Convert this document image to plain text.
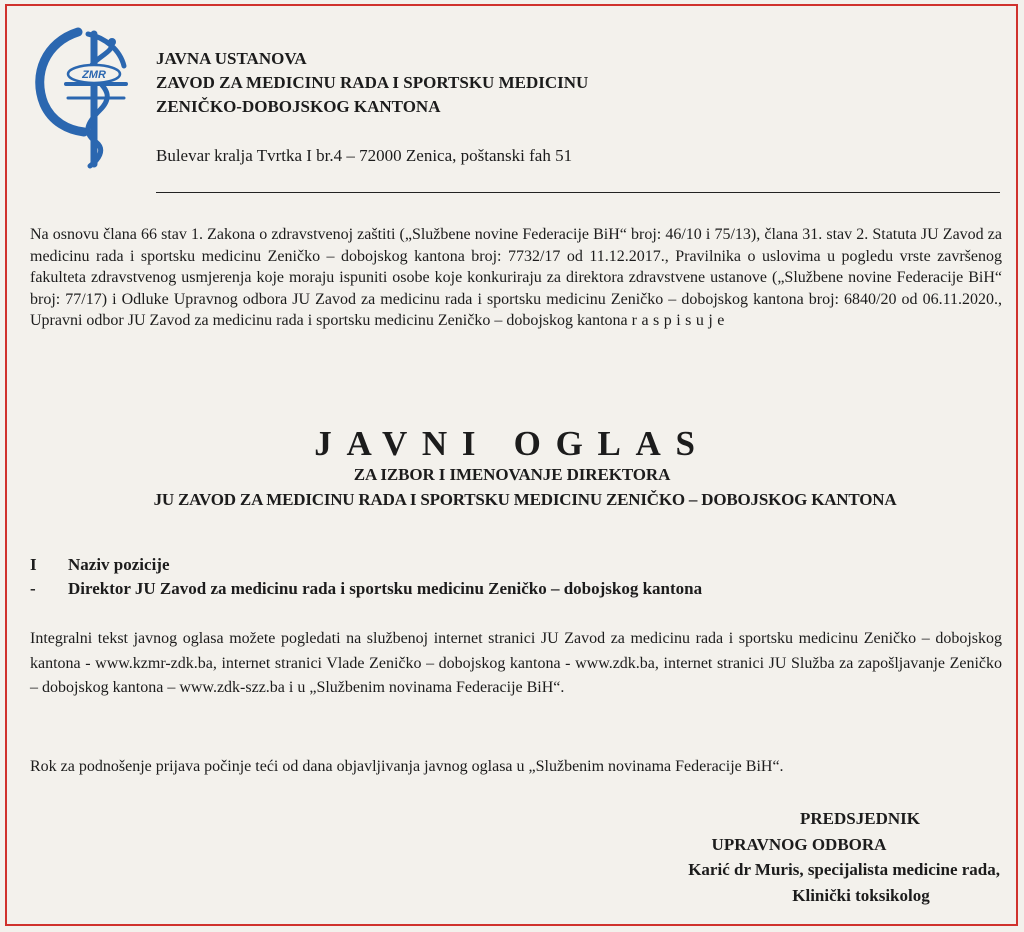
ZMR
JAVNA USTANOVA
ZAVOD ZA MEDICINU RADA I SPORTSKU MEDICINU
ZENIČKO-DOBOJSKOG KANTONA
Bulevar kralja Tvrtka I br.4 – 72000 Zenica, poštanski fah 51

Na osnovu člana 66 stav 1. Zakona o zdravstvenoj zaštiti („Službene novine Federacije BiH“ broj: 46/10 i 75/13), člana 31. stav 2. Statuta JU Zavod za medicinu rada i sportsku medicinu Zeničko – dobojskog kantona broj: 7732/17 od 11.12.2017., Pravilnika o uslovima u pogledu vrste završenog fakulteta zdravstvenog usmjerenja koje moraju ispuniti osobe koje konkuriraju za direktora zdravstvene ustanove („Službene novine Federacije BiH“ broj: 77/17) i Odluke Upravnog odbora JU Zavod za medicinu rada i sportsku medicinu Zeničko – dobojskog kantona broj: 6840/20 od 06.11.2020., Upravni odbor JU Zavod za medicinu rada i sportsku medicinu Zeničko – dobojskog kantona raspisuje

JAVNI OGLAS
ZA IZBOR I IMENOVANJE DIREKTORA
JU ZAVOD ZA MEDICINU RADA I SPORTSKU MEDICINU ZENIČKO – DOBOJSKOG KANTONA
I Naziv pozicije
- Direktor JU Zavod za medicinu rada i sportsku medicinu Zeničko – dobojskog kantona

Integralni tekst javnog oglasa možete pogledati na službenoj internet stranici JU Zavod za medicinu rada i sportsku medicinu Zeničko – dobojskog kantona - www.kzmr-zdk.ba, internet stranici Vlade Zeničko – dobojskog kantona - www.zdk.ba, internet stranici JU Služba za zapošljavanje Zeničko – dobojskog kantona – www.zdk-szz.ba i u „Službenim novinama Federacije BiH“.

Rok za podnošenje prijava počinje teći od dana objavljivanja javnog oglasa u „Službenim novinama Federacije BiH“.

PREDSJEDNIK
UPRAVNOG ODBORA
Karić dr Muris, specijalista medicine rada,
Klinički toksikolog
